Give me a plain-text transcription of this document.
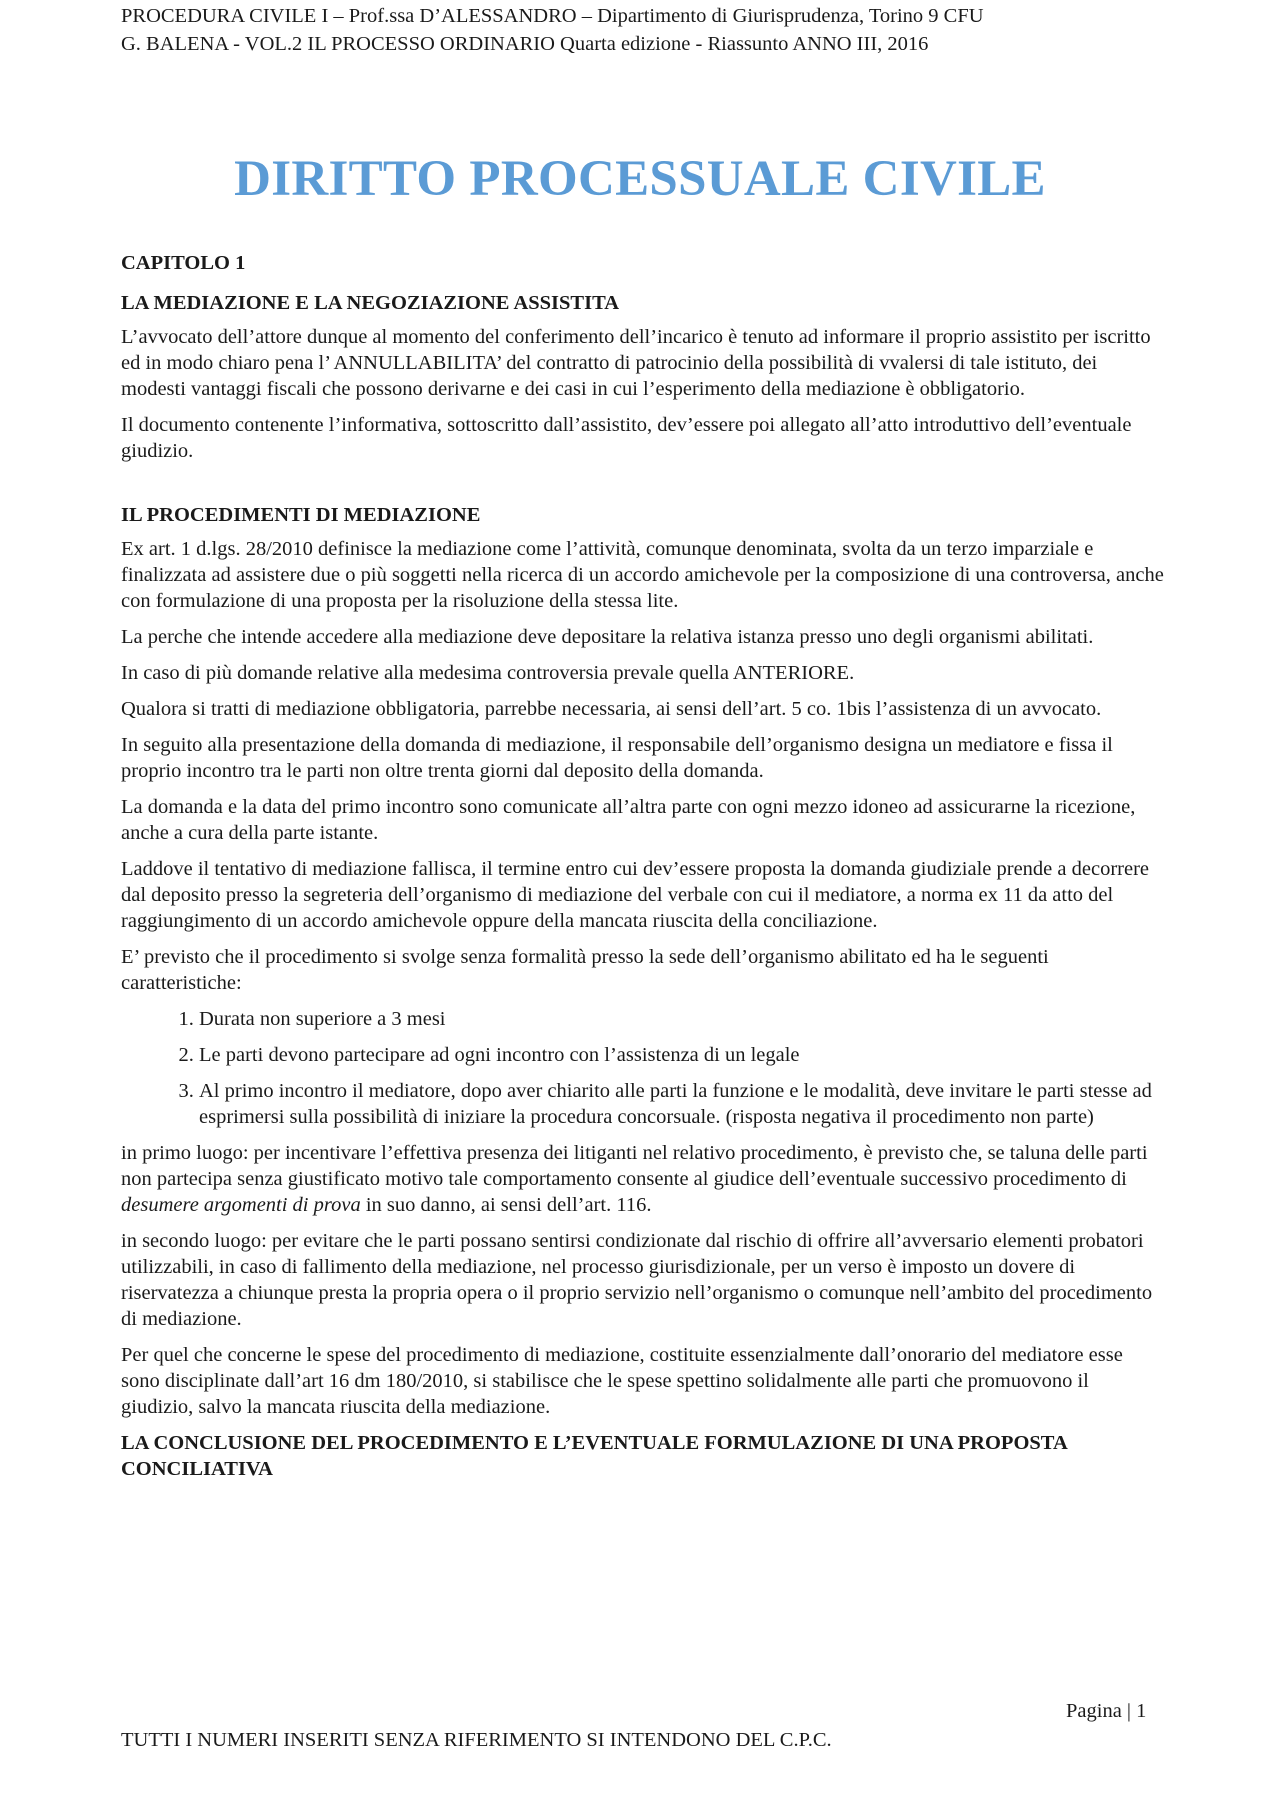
PROCEDURA CIVILE I – Prof.ssa D’ALESSANDRO – Dipartimento di Giurisprudenza, Torino 9 CFU
G. BALENA - VOL.2 IL PROCESSO ORDINARIO Quarta edizione - Riassunto ANNO III, 2016
DIRITTO PROCESSUALE CIVILE
CAPITOLO 1
LA MEDIAZIONE E LA NEGOZIAZIONE ASSISTITA

L’avvocato dell’attore dunque al momento del conferimento dell’incarico è tenuto ad informare il proprio assistito per iscritto ed in modo chiaro pena l’ ANNULLABILITA’ del contratto di patrocinio della possibilità di vvalersi di tale istituto, dei modesti vantaggi fiscali che possono derivarne e dei casi in cui l’esperimento della mediazione è obbligatorio.

Il documento contenente l’informativa, sottoscritto dall’assistito, dev’essere poi allegato all’atto introduttivo dell’eventuale giudizio.

IL PROCEDIMENTI DI MEDIAZIONE

Ex art. 1 d.lgs. 28/2010 definisce la mediazione come l’attività, comunque denominata, svolta da un terzo imparziale e finalizzata ad assistere due o più soggetti nella ricerca di un accordo amichevole per la composizione di una controversa, anche con formulazione di una proposta per la risoluzione della stessa lite.

La perche che intende accedere alla mediazione deve depositare la relativa istanza presso uno degli organismi abilitati.

In caso di più domande relative alla medesima controversia prevale quella ANTERIORE.

Qualora si tratti di mediazione obbligatoria, parrebbe necessaria, ai sensi dell’art. 5 co. 1bis l’assistenza di un avvocato.

In seguito alla presentazione della domanda di mediazione, il responsabile dell’organismo designa un mediatore e fissa il proprio incontro tra le parti non oltre trenta giorni dal deposito della domanda.

La domanda e la data del primo incontro sono comunicate all’altra parte con ogni mezzo idoneo ad assicurarne la ricezione, anche a cura della parte istante.

Laddove il tentativo di mediazione fallisca, il termine entro cui dev’essere proposta la domanda giudiziale prende a decorrere dal deposito presso la segreteria dell’organismo di mediazione del verbale con cui il mediatore, a norma ex 11 da atto del raggiungimento di un accordo amichevole oppure della mancata riuscita della conciliazione.

E’ previsto che il procedimento si svolge senza formalità presso la sede dell’organismo abilitato ed ha le seguenti caratteristiche:

1. Durata non superiore a 3 mesi
2. Le parti devono partecipare ad ogni incontro con l’assistenza di un legale
3. Al primo incontro il mediatore, dopo aver chiarito alle parti la funzione e le modalità, deve invitare le parti stesse ad esprimersi sulla possibilità di iniziare la procedura concorsuale. (risposta negativa il procedimento non parte)

in primo luogo: per incentivare l’effettiva presenza dei litiganti nel relativo procedimento, è previsto che, se taluna delle parti non partecipa senza giustificato motivo tale comportamento consente al giudice dell’eventuale successivo procedimento di desumere argomenti di prova in suo danno, ai sensi dell’art. 116.

in secondo luogo: per evitare che le parti possano sentirsi condizionate dal rischio di offrire all’avversario elementi probatori utilizzabili, in caso di fallimento della mediazione, nel processo giurisdizionale, per un verso è imposto un dovere di riservatezza a chiunque presta la propria opera o il proprio servizio nell’organismo o comunque nell’ambito del procedimento di mediazione.

Per quel che concerne le spese del procedimento di mediazione, costituite essenzialmente dall’onorario del mediatore esse sono disciplinate dall’art 16 dm 180/2010, si stabilisce che le spese spettino solidalmente alle parti che promuovono il giudizio, salvo la mancata riuscita della mediazione.

LA CONCLUSIONE DEL PROCEDIMENTO E L’EVENTUALE FORMULAZIONE DI UNA PROPOSTA CONCILIATIVA
Pagina | 1
TUTTI I NUMERI INSERITI SENZA RIFERIMENTO SI INTENDONO DEL C.P.C.
